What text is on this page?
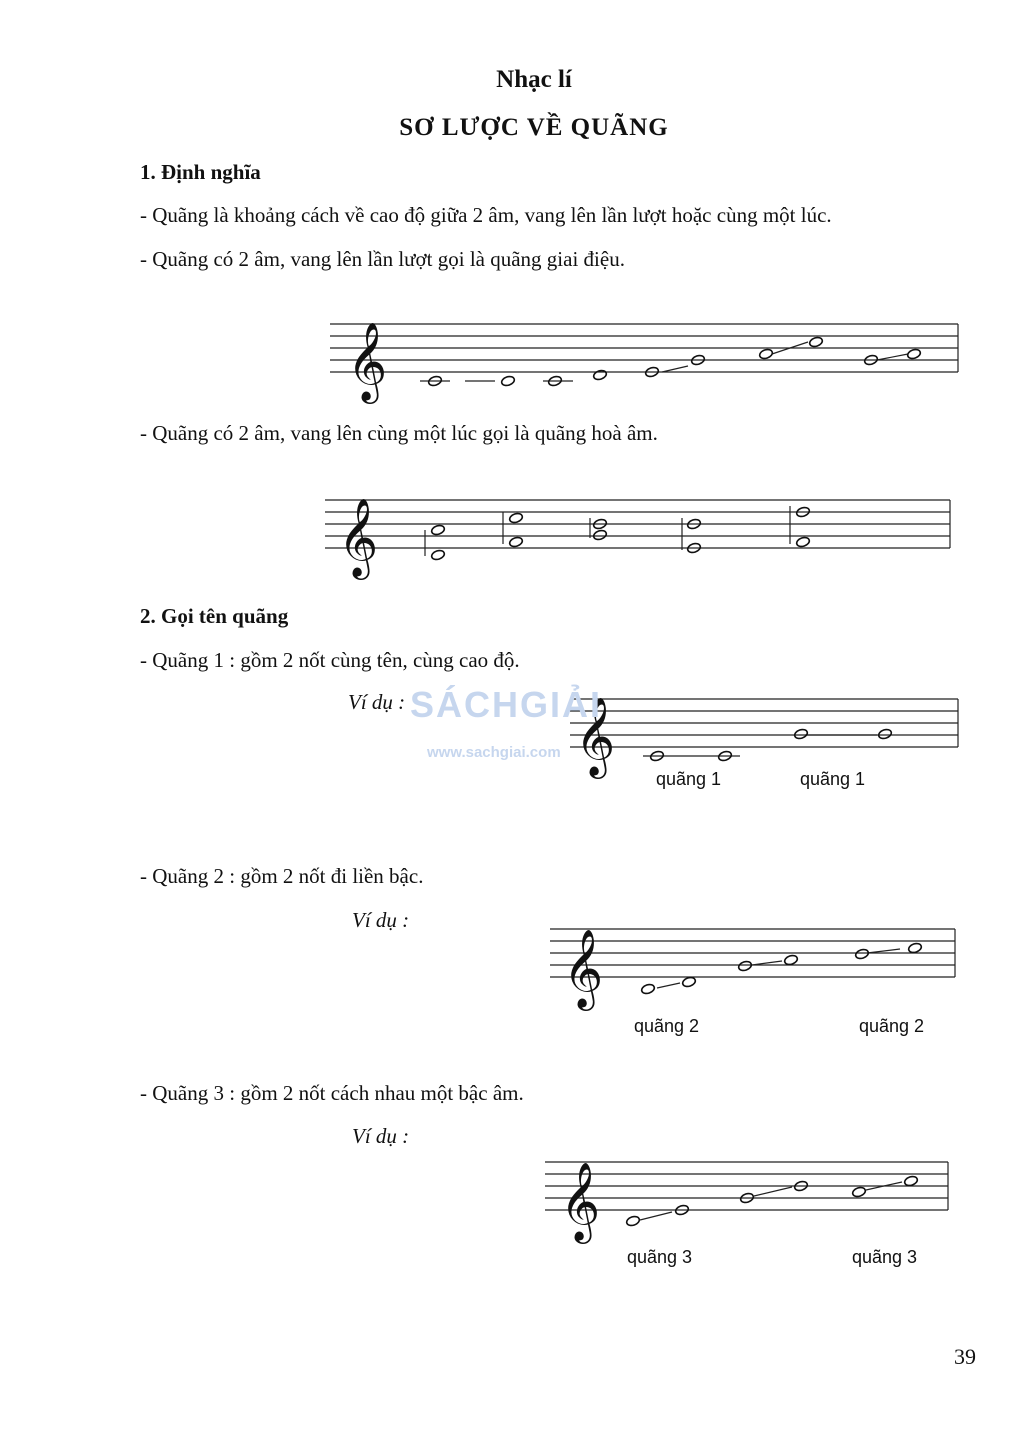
Nhạc lí
SƠ LƯỢC VỀ QUÃNG
1. Định nghĩa
- Quãng là khoảng cách về cao độ giữa 2 âm, vang lên lần lượt hoặc cùng một lúc.
- Quãng có 2 âm, vang lên lần lượt gọi là quãng giai điệu.
𝄞
- Quãng có 2 âm, vang lên cùng một lúc gọi là quãng hoà âm.
𝄞
2. Gọi tên quãng
- Quãng 1 : gồm 2 nốt cùng tên, cùng cao độ.
Ví dụ : 𝄞
quãng 1	quãng 1
- Quãng 2 : gồm 2 nốt đi liền bậc.
Ví dụ :
𝄞
quãng 2	quãng 2
- Quãng 3 : gồm 2 nốt cách nhau một bậc âm.
Ví dụ :
𝄞
quãng 3	quãng 3
SÁCHGIẢI
www.sachgiai.com
39
